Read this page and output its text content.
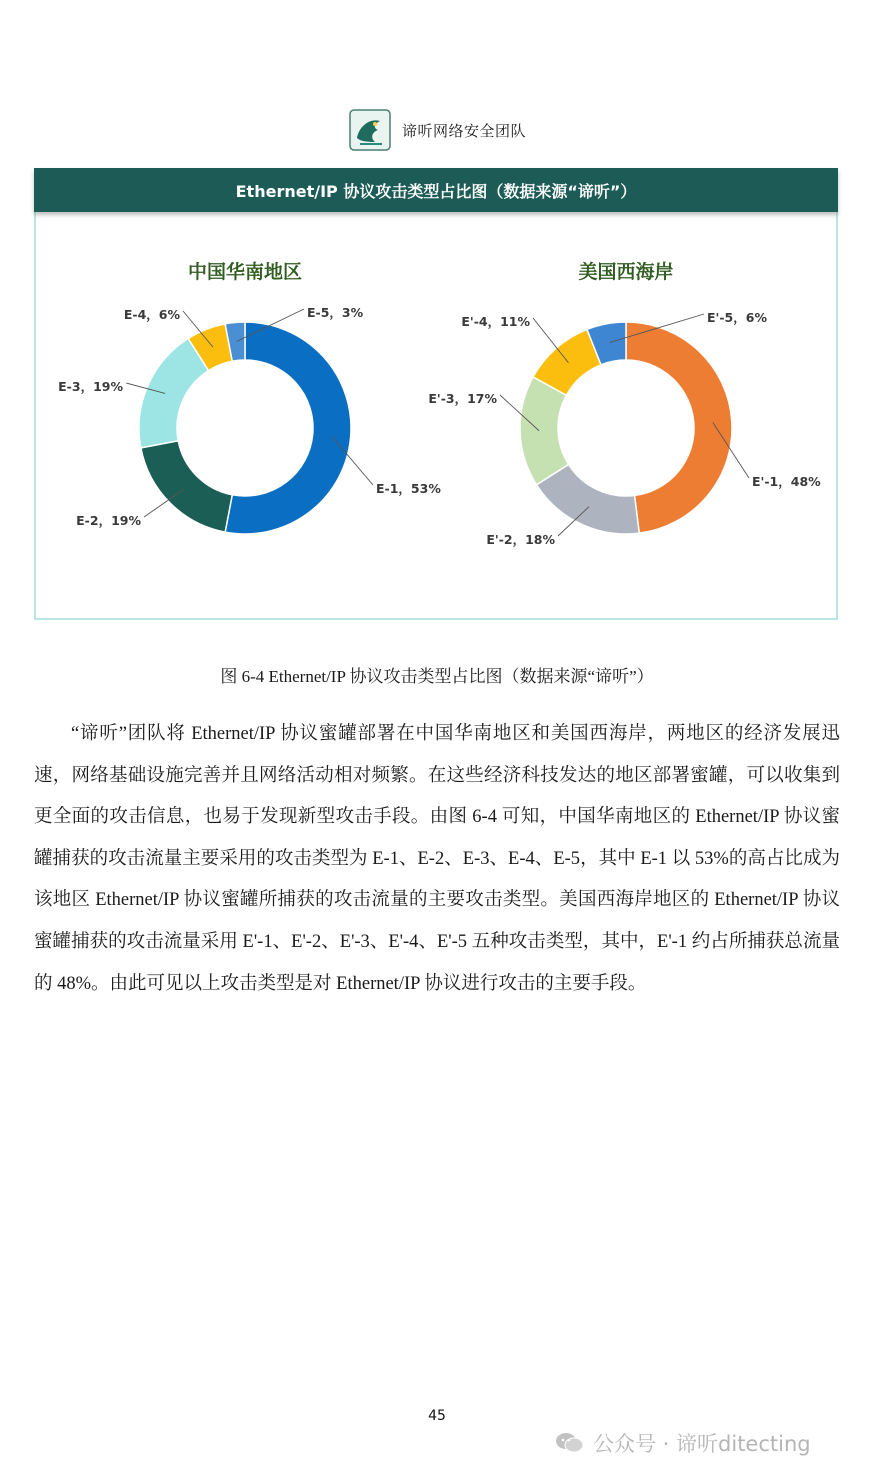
谛听网络安全团队
Ethernet/IP 协议攻击类型占比图（数据来源“谛听”）
中国华南地区
E-1，53%
E-2，19%
E-3，19%
E-4，6%	E-5，3%
美国西海岸
E'-1，48%
E'-2，18%
E'-3，17%
E'-4，11%	E'-5，6%
图 6-4 Ethernet/IP 协议攻击类型占比图（数据来源“谛听”）

“谛听”团队将 Ethernet/IP 协议蜜罐部署在中国华南地区和美国西海岸，两地区的经济发展迅速，网络基础设施完善并且网络活动相对频繁。在这些经济科技发达的地区部署蜜罐，可以收集到更全面的攻击信息，也易于发现新型攻击手段。由图 6-4 可知，中国华南地区的 Ethernet/IP 协议蜜罐捕获的攻击流量主要采用的攻击类型为 E-1、E-2、E-3、E-4、E-5，其中 E-1 以 53%的高占比成为该地区 Ethernet/IP 协议蜜罐所捕获的攻击流量的主要攻击类型。美国西海岸地区的 Ethernet/IP 协议蜜罐捕获的攻击流量采用 E'-1、E'-2、E'-3、E'-4、E'-5 五种攻击类型，其中，E'-1 约占所捕获总流量的 48%。由此可见以上攻击类型是对 Ethernet/IP 协议进行攻击的主要手段。

45
公众号 · 谛听ditecting
